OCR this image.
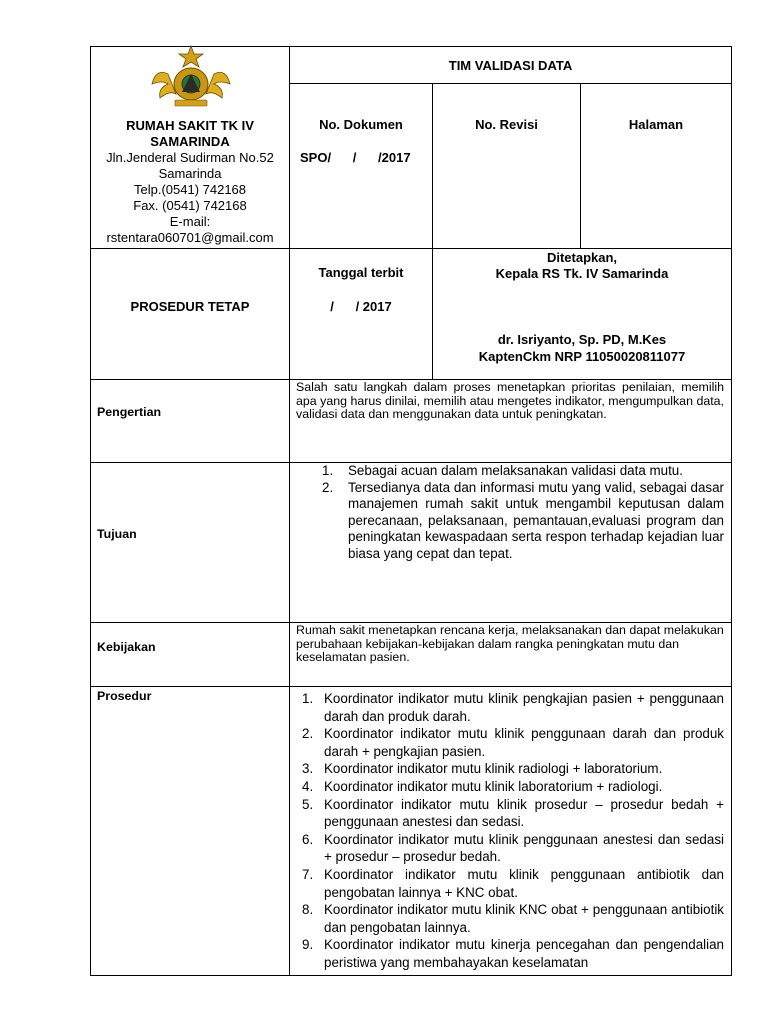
RUMAH SAKIT TK IV SAMARINDA
Jln.Jenderal Sudirman No.52
Samarinda
Telp.(0541) 742168
Fax. (0541) 742168
E-mail:
rstentara060701@gmail.com
TIM VALIDASI DATA
No. Dokumen
SPO/      /      /2017
No. Revisi	Halaman
PROSEDUR TETAP
Tanggal terbit
/      / 2017
Ditetapkan,
Kepala RS Tk. IV Samarinda
dr. Isriyanto, Sp. PD, M.Kes
KaptenCkm NRP 11050020811077
Pengertian
Salah satu langkah dalam proses menetapkan prioritas penilaian, memilih apa yang harus dinilai, memilih atau mengetes indikator, mengumpulkan data, validasi data dan menggunakan data untuk peningkatan.
Tujuan
1. Sebagai acuan dalam melaksanakan validasi data mutu.
2. Tersedianya data dan informasi mutu yang valid, sebagai dasar manajemen rumah sakit untuk mengambil keputusan dalam perecanaan, pelaksanaan, pemantauan,evaluasi program dan peningkatan kewaspadaan serta respon terhadap kejadian luar biasa yang cepat dan tepat.
Kebijakan
Rumah sakit menetapkan rencana kerja, melaksanakan dan dapat melakukan perubahaan kebijakan-kebijakan dalam rangka peningkatan mutu dan keselamatan pasien.
Prosedur	1. Koordinator indikator mutu klinik pengkajian pasien + penggunaan darah dan produk darah.
2. Koordinator indikator mutu klinik penggunaan darah dan produk darah + pengkajian pasien.
3. Koordinator indikator mutu klinik radiologi + laboratorium.
4. Koordinator indikator mutu klinik laboratorium + radiologi.
5. Koordinator indikator mutu klinik prosedur – prosedur bedah + penggunaan anestesi dan sedasi.
6. Koordinator indikator mutu klinik penggunaan anestesi dan sedasi + prosedur – prosedur bedah.
7. Koordinator indikator mutu klinik penggunaan antibiotik dan pengobatan lainnya + KNC obat.
8. Koordinator indikator mutu klinik KNC obat + penggunaan antibiotik dan pengobatan lainnya.
9. Koordinator indikator mutu kinerja pencegahan dan pengendalian peristiwa yang membahayakan keselamatan
